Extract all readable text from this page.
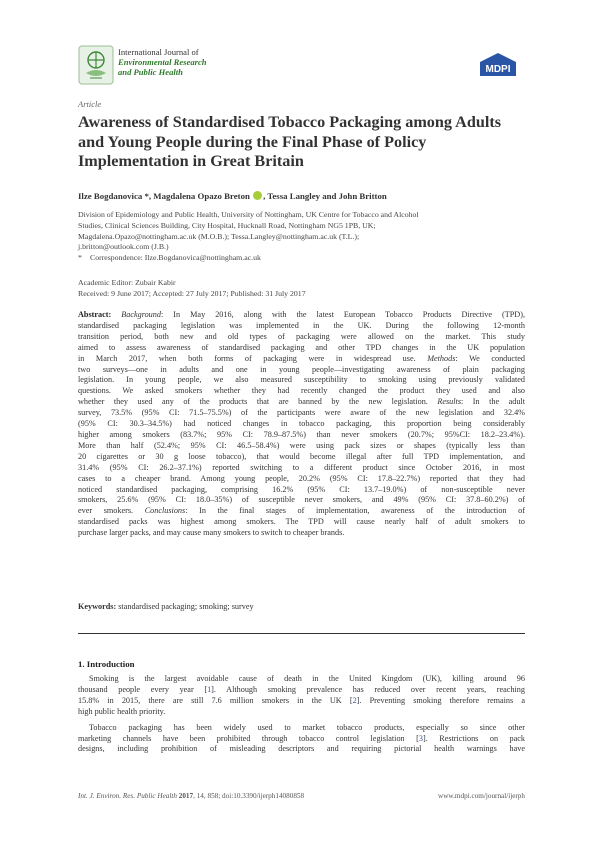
International Journal of
Environmental Research
and Public Health	MDPI
Article
Awareness of Standardised Tobacco Packaging among Adults and Young People during the Final Phase of Policy Implementation in Great Britain
Ilze Bogdanovica *, Magdalena Opazo Breton , Tessa Langley and John Britton
Division of Epidemiology and Public Health, University of Nottingham, UK Centre for Tobacco and Alcohol
Studies, Clinical Sciences Building, City Hospital, Hucknall Road, Nottingham NG5 1PB, UK;
Magdalena.Opazo@nottingham.ac.uk (M.O.B.); Tessa.Langley@nottingham.ac.uk (T.L.);
j.britton@outlook.com (J.B.)
* Correspondence: Ilze.Bogdanovica@nottingham.ac.uk
Academic Editor: Zubair Kabir
Received: 9 June 2017; Accepted: 27 July 2017; Published: 31 July 2017
Abstract: Background: In May 2016, along with the latest European Tobacco Products Directive (TPD),
standardised packaging legislation was implemented in the UK. During the following 12-month
transition period, both new and old types of packaging were allowed on the market. This study
aimed to assess awareness of standardised packaging and other TPD changes in the UK population
in March 2017, when both forms of packaging were in widespread use. Methods: We conducted
two surveys—one in adults and one in young people—investigating awareness of plain packaging
legislation. In young people, we also measured susceptibility to smoking using previously validated
questions. We asked smokers whether they had recently changed the product they used and also
whether they used any of the products that are banned by the new legislation. Results: In the adult
survey, 73.5% (95% CI: 71.5–75.5%) of the participants were aware of the new legislation and 32.4%
(95% CI: 30.3–34.5%) had noticed changes in tobacco packaging, this proportion being considerably
higher among smokers (83.7%; 95% CI: 78.9–87.5%) than never smokers (20.7%; 95%CI: 18.2–23.4%).
More than half (52.4%; 95% CI: 46.5–58.4%) were using pack sizes or shapes (typically less than
20 cigarettes or 30 g loose tobacco), that would become illegal after full TPD implementation, and
31.4% (95% CI: 26.2–37.1%) reported switching to a different product since October 2016, in most
cases to a cheaper brand. Among young people, 20.2% (95% CI: 17.8–22.7%) reported that they had
noticed standardised packaging, comprising 16.2% (95% CI: 13.7–19.0%) of non-susceptible never
smokers, 25.6% (95% CI: 18.0–35%) of susceptible never smokers, and 49% (95% CI: 37.8–60.2%) of
ever smokers. Conclusions: In the final stages of implementation, awareness of the introduction of
standardised packs was highest among smokers. The TPD will cause nearly half of adult smokers to
purchase larger packs, and may cause many smokers to switch to cheaper brands.
Keywords: standardised packaging; smoking; survey
1. Introduction
Smoking is the largest avoidable cause of death in the United Kingdom (UK), killing around 96
thousand people every year [1]. Although smoking prevalence has reduced over recent years, reaching
15.8% in 2015, there are still 7.6 million smokers in the UK [2]. Preventing smoking therefore remains a
high public health priority.
Tobacco packaging has been widely used to market tobacco products, especially so since other
marketing channels have been prohibited through tobacco control legislation [3]. Restrictions on pack
designs, including prohibition of misleading descriptors and requiring pictorial health warnings have
Int. J. Environ. Res. Public Health 2017, 14, 858; doi:10.3390/ijerph14080858	www.mdpi.com/journal/ijerph
